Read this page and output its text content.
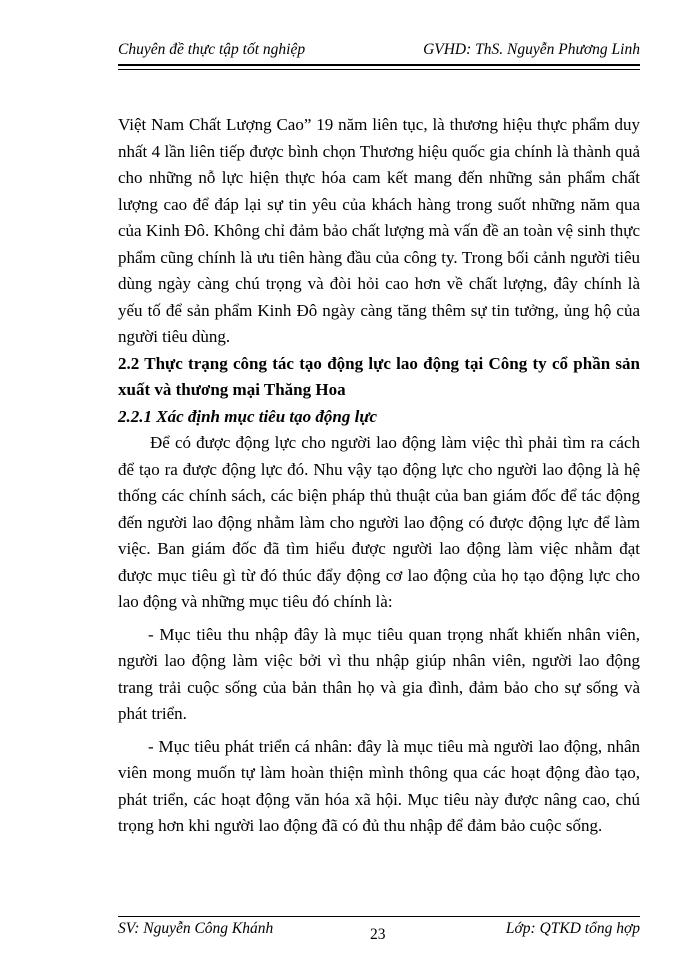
Chuyên đề thực tập tốt nghiệp	GVHD: ThS. Nguyễn Phương Linh

Việt Nam Chất Lượng Cao” 19 năm liên tục, là thương hiệu thực phẩm duy nhất 4 lần liên tiếp được bình chọn Thương hiệu quốc gia chính là thành quả cho những nỗ lực hiện thực hóa cam kết mang đến những sản phẩm chất lượng cao để đáp lại sự tin yêu của khách hàng trong suốt những năm qua của Kinh Đô. Không chỉ đảm bảo chất lượng mà vấn đề an toàn vệ sinh thực phẩm cũng chính là ưu tiên hàng đầu của công ty. Trong bối cảnh người tiêu dùng ngày càng chú trọng và đòi hỏi cao hơn về chất lượng, đây chính là yếu tố để sản phẩm Kinh Đô ngày càng tăng thêm sự tin tưởng, ủng hộ của người tiêu dùng.

2.2 Thực trạng công tác tạo động lực lao động tại Công ty cổ phần sản xuất và thương mại Thăng Hoa

2.2.1 Xác định mục tiêu tạo động lực

Để có được động lực cho người lao động làm việc thì phải tìm ra cách để tạo ra được động lực đó. Nhu vậy tạo động lực cho người lao động là hệ thống các chính sách, các biện pháp thủ thuật của ban giám đốc để tác động đến người lao động nhằm làm cho người lao động có được động lực để làm việc. Ban giám đốc đã tìm hiểu được người lao động làm việc nhằm đạt được mục tiêu gì từ đó thúc đẩy động cơ lao động của họ tạo động lực cho lao động và những mục tiêu đó chính là:

- Mục tiêu thu nhập đây là mục tiêu quan trọng nhất khiến nhân viên, người lao động làm việc bởi vì thu nhập giúp nhân viên, người lao động trang trải cuộc sống của bản thân họ và gia đình, đảm bảo cho sự sống và phát triển.

- Mục tiêu phát triển cá nhân: đây là mục tiêu mà người lao động, nhân viên mong muốn tự làm hoàn thiện mình thông qua các hoạt động đào tạo, phát triển, các hoạt động văn hóa xã hội. Mục tiêu này được nâng cao, chú trọng hơn khi người lao động đã có đủ thu nhập để đảm bảo cuộc sống.

SV: Nguyễn Công Khánh	23	Lớp: QTKD tổng hợp
